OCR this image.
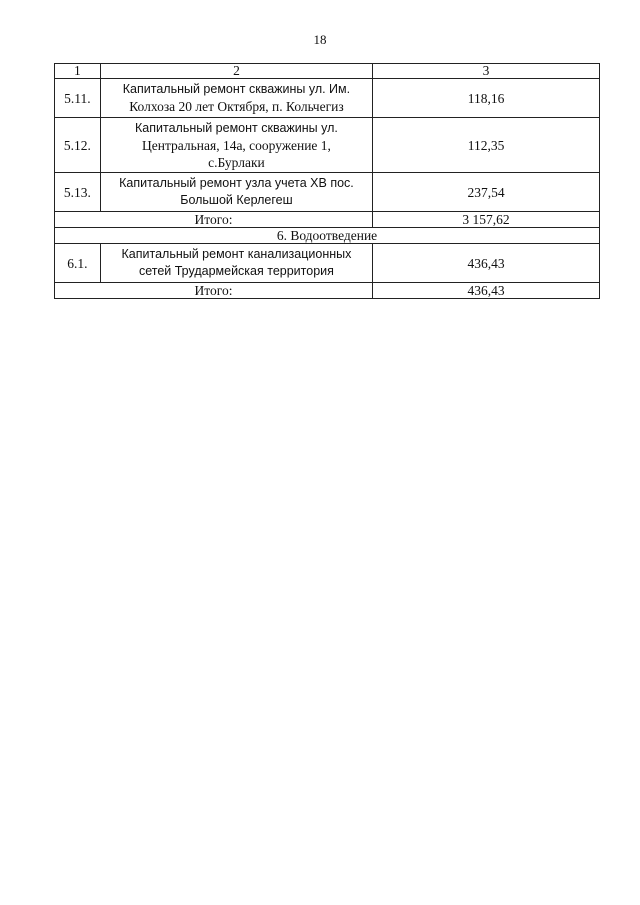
18
1	2	3
5.11.	Капитальный ремонт скважины ул. Им.
Колхоза 20 лет Октября, п. Кольчегиз	118,16
5.12.	Капитальный ремонт скважины ул.
Центральная, 14а, сооружение 1,
с.Бурлаки	112,35
5.13.	Капитальный ремонт узла учета ХВ пос.
Большой Керлегеш	237,54
Итого:		3 157,62
6. Водоотведение		
6.1.	Капитальный ремонт канализационных
сетей Трудармейская территория	436,43
Итого:		436,43
